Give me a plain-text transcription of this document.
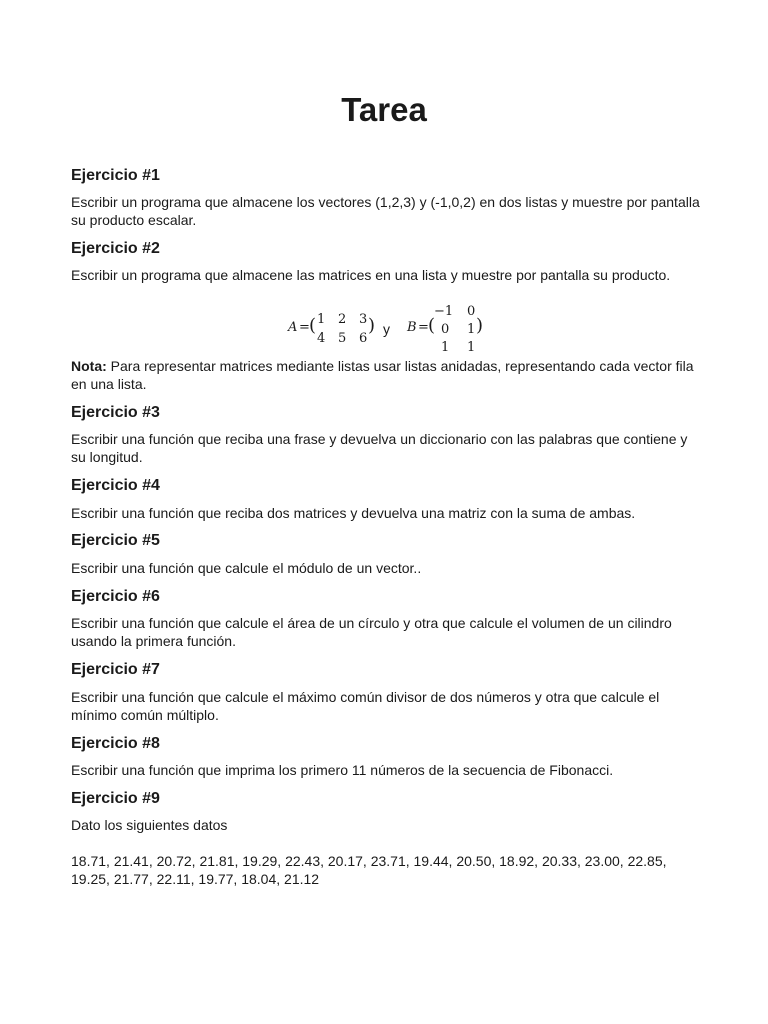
Tarea
Ejercicio #1
Escribir un programa que almacene los vectores (1,2,3) y (-1,0,2) en dos listas y muestre por pantalla su producto escalar.
Ejercicio #2
Escribir un programa que almacene las matrices en una lista y muestre por pantalla su producto.
A = ( 1 2 3
4 5 6
) y B = (
−1 0
0 1
1 1
)
Nota: Para representar matrices mediante listas usar listas anidadas, representando cada vector fila en una lista.
Ejercicio #3
Escribir una función que reciba una frase y devuelva un diccionario con las palabras que contiene y su longitud.
Ejercicio #4
Escribir una función que reciba dos matrices y devuelva una matriz con la suma de ambas.
Ejercicio #5
Escribir una función que calcule el módulo de un vector..
Ejercicio #6
Escribir una función que calcule el área de un círculo y otra que calcule el volumen de un cilindro usando la primera función.
Ejercicio #7
Escribir una función que calcule el máximo común divisor de dos números y otra que calcule el mínimo común múltiplo.
Ejercicio #8
Escribir una función que imprima los primero 11 números de la secuencia de Fibonacci.
Ejercicio #9
Dato los siguientes datos
18.71, 21.41, 20.72, 21.81, 19.29, 22.43, 20.17, 23.71, 19.44, 20.50, 18.92, 20.33, 23.00, 22.85, 19.25, 21.77, 22.11, 19.77, 18.04, 21.12
